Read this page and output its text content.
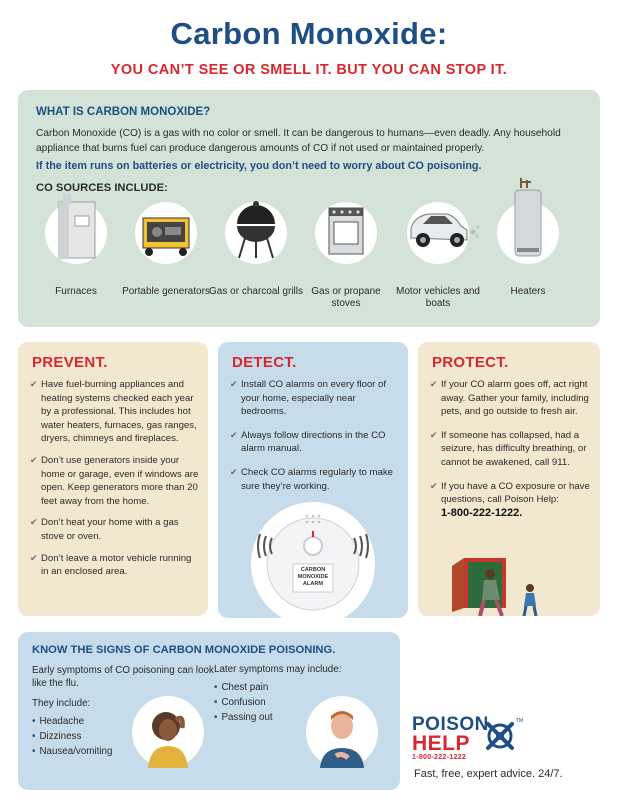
Carbon Monoxide:
YOU CAN’T SEE OR SMELL IT. BUT YOU CAN STOP IT.
WHAT IS CARBON MONOXIDE?
Carbon Monoxide (CO) is a gas with no color or smell. It can be dangerous to humans—even deadly. Any household appliance that burns fuel can produce dangerous amounts of CO if not used or maintained properly.
If the item runs on batteries or electricity, you don’t need to worry about CO poisoning.
CO SOURCES INCLUDE:
Furnaces	Portable generators Gas or charcoal grills Gas or propane stoves
Motor vehicles and boats
Heaters
PREVENT.
✔ Have fuel-burning appliances and heating systems checked each year by a professional. This includes hot water heaters, furnaces, gas ranges, dryers, chimneys and fireplaces.
✔ Don’t use generators inside your home or garage, even if windows are open. Keep generators more than 20 feet away from the home.
✔ Don’t heat your home with a gas stove or oven.
✔ Don’t leave a motor vehicle running in an enclosed area.
DETECT.
✔ Install CO alarms on every floor of your home, especially near bedrooms.
✔ Always follow directions in the CO alarm manual.
✔ Check CO alarms regularly to make sure they’re working.
CARBON
MONOXIDE
ALARM
PROTECT.
✔ If your CO alarm goes off, act right away. Gather your family, including pets, and go outside to fresh air.
✔ If someone has collapsed, had a seizure, has difficulty breathing, or cannot be awakened, call 911.
✔ If you have a CO exposure or have questions, call Poison Help:
1-800-222-1222.
KNOW THE SIGNS OF CARBON MONOXIDE POISONING.
Early symptoms of CO poisoning can look like the flu.
They include:
• Headache
• Dizziness
• Nausea/vomiting
Later symptoms may include:
• Chest pain
• Confusion
• Passing out	POISON
HELP
1-800-222-1222
TM
Fast, free, expert advice. 24/7.
